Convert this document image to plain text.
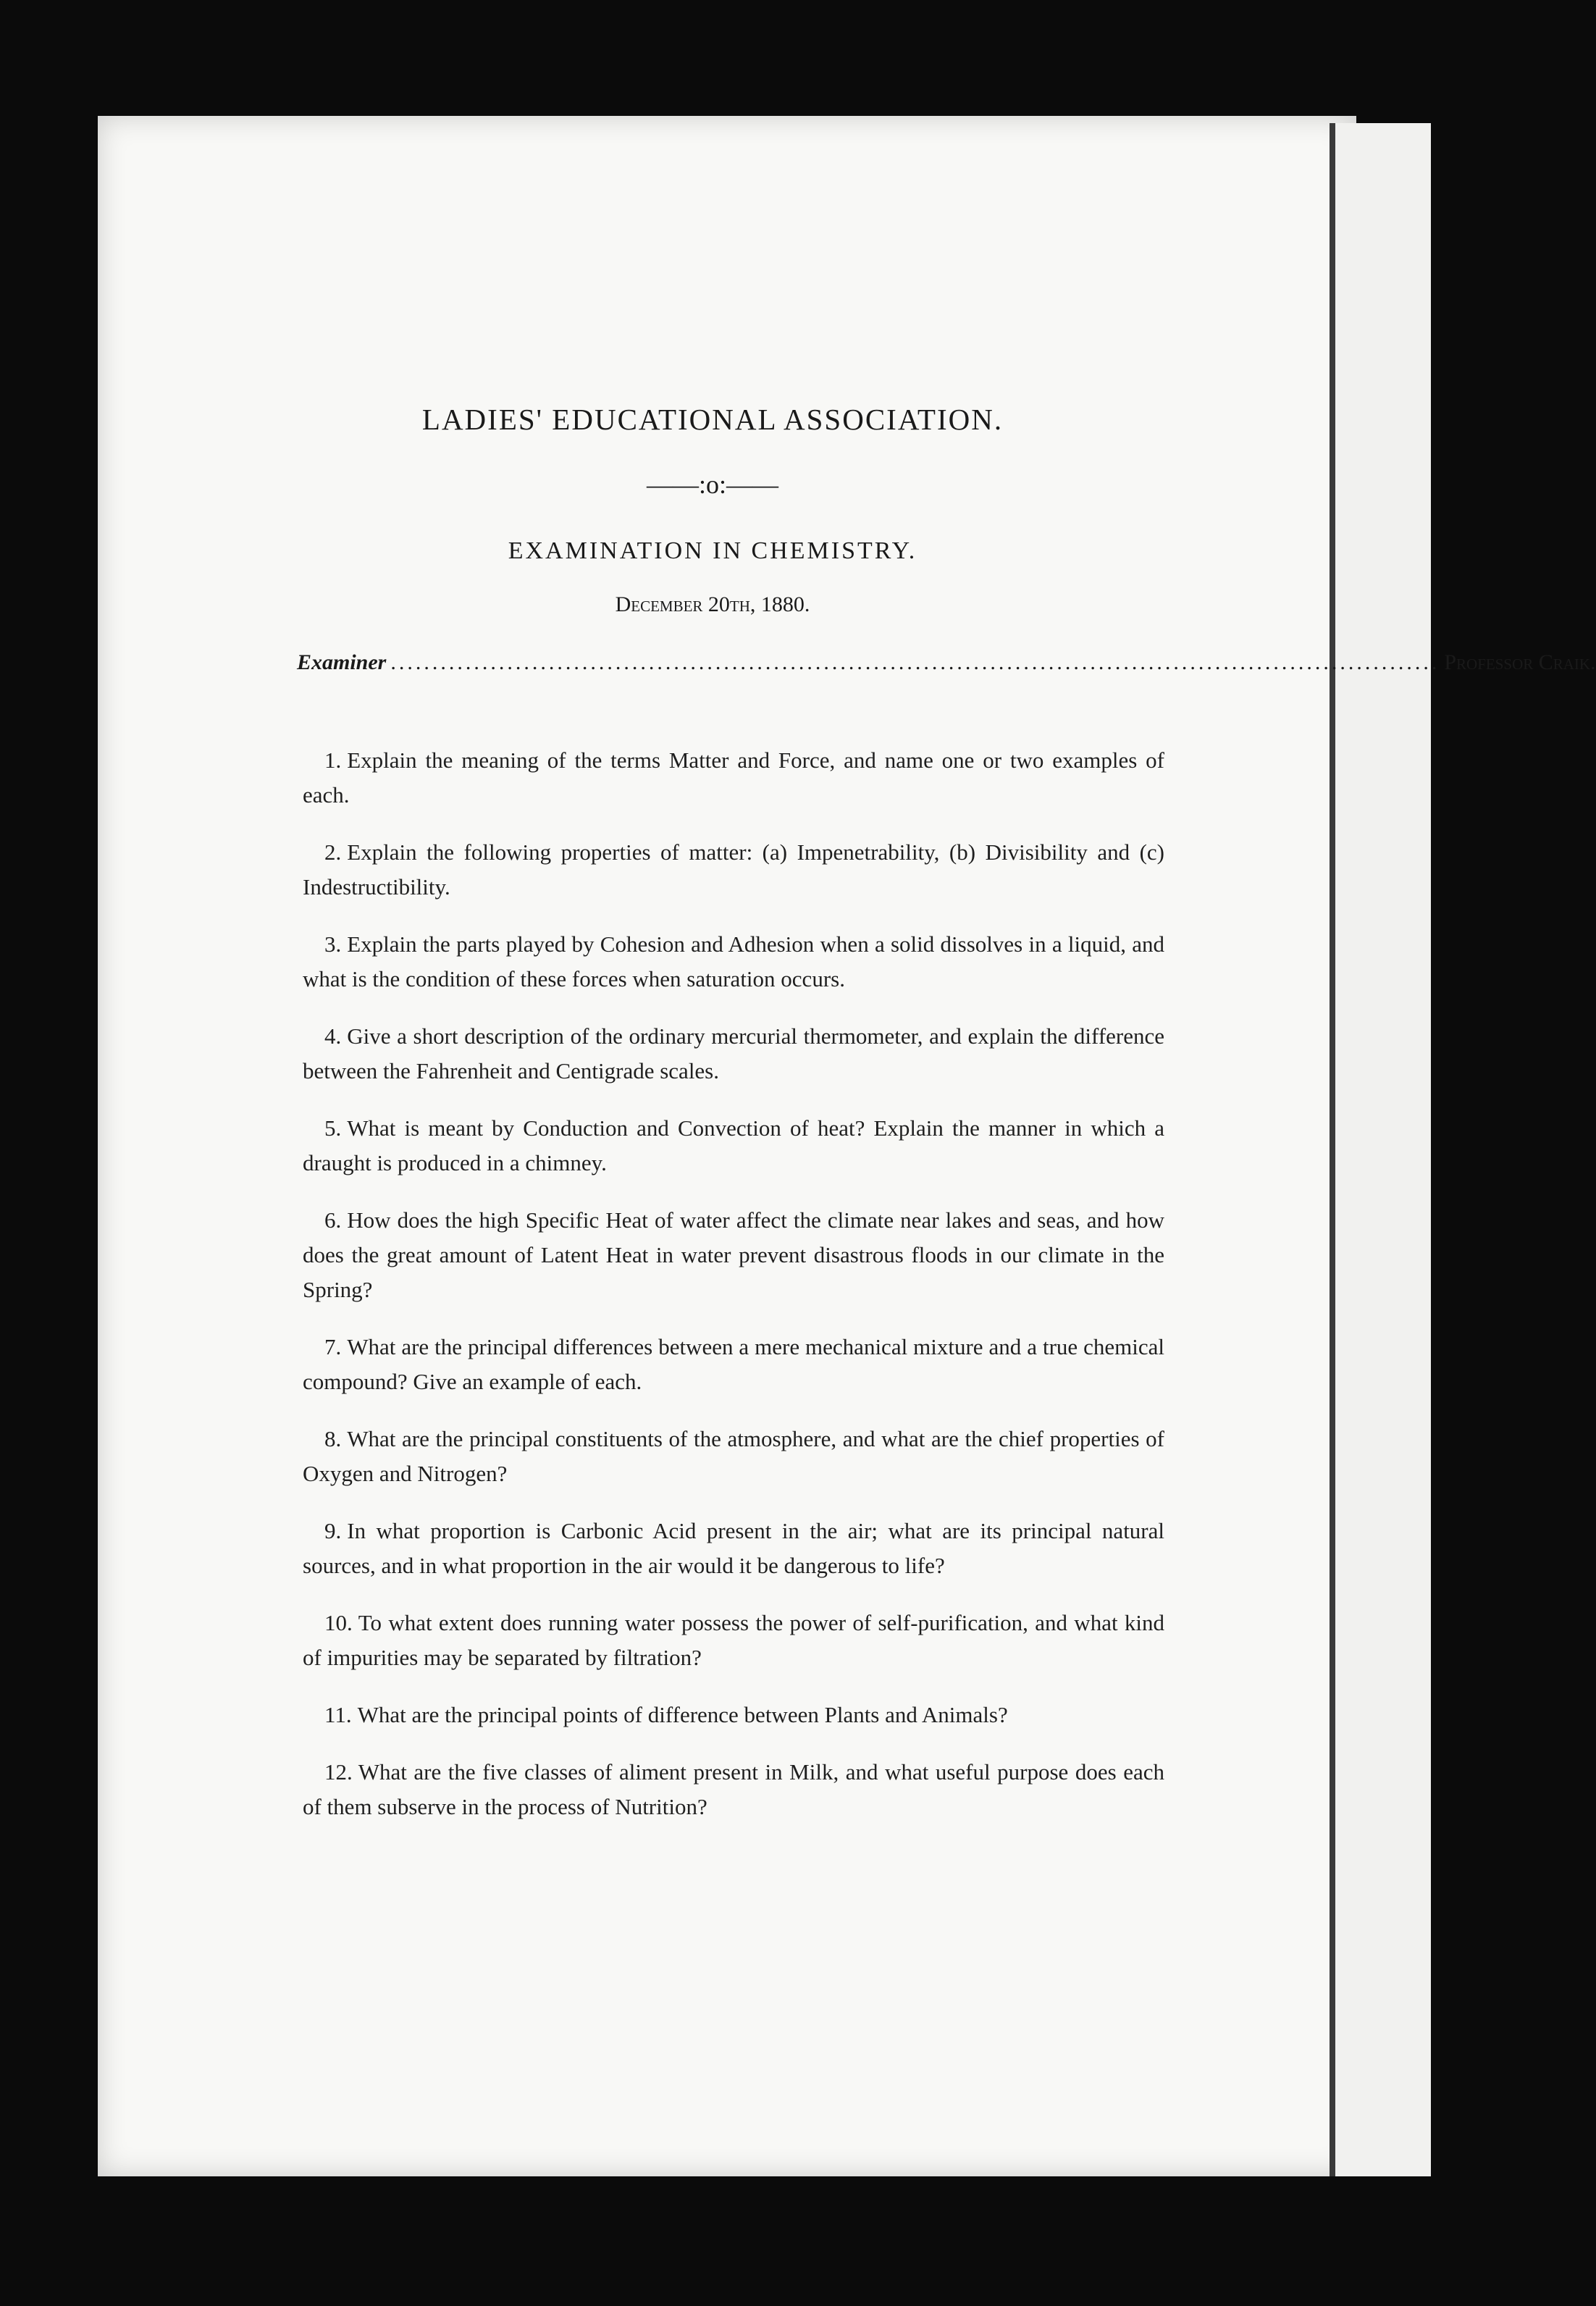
LADIES' EDUCATIONAL ASSOCIATION.
——:o:——
EXAMINATION IN CHEMISTRY.
December 20th, 1880.
Examiner .............................................................................................................................. Professor Craik.

1. Explain the meaning of the terms Matter and Force, and name one or two examples of each.

2. Explain the following properties of matter: (a) Impenetrability, (b) Divisibility and (c) Indestructibility.

3. Explain the parts played by Cohesion and Adhesion when a solid dissolves in a liquid, and what is the condition of these forces when saturation occurs.

4. Give a short description of the ordinary mercurial thermometer, and explain the difference between the Fahrenheit and Centigrade scales.

5. What is meant by Conduction and Convection of heat? Explain the manner in which a draught is produced in a chimney.

6. How does the high Specific Heat of water affect the climate near lakes and seas, and how does the great amount of Latent Heat in water prevent disastrous floods in our climate in the Spring?

7. What are the principal differences between a mere mechanical mixture and a true chemical compound? Give an example of each.

8. What are the principal constituents of the atmosphere, and what are the chief properties of Oxygen and Nitrogen?

9. In what proportion is Carbonic Acid present in the air; what are its principal natural sources, and in what proportion in the air would it be dangerous to life?

10. To what extent does running water possess the power of self-purification, and what kind of impurities may be separated by filtration?

11. What are the principal points of difference between Plants and Animals?

12. What are the five classes of aliment present in Milk, and what useful purpose does each of them subserve in the process of Nutrition?
